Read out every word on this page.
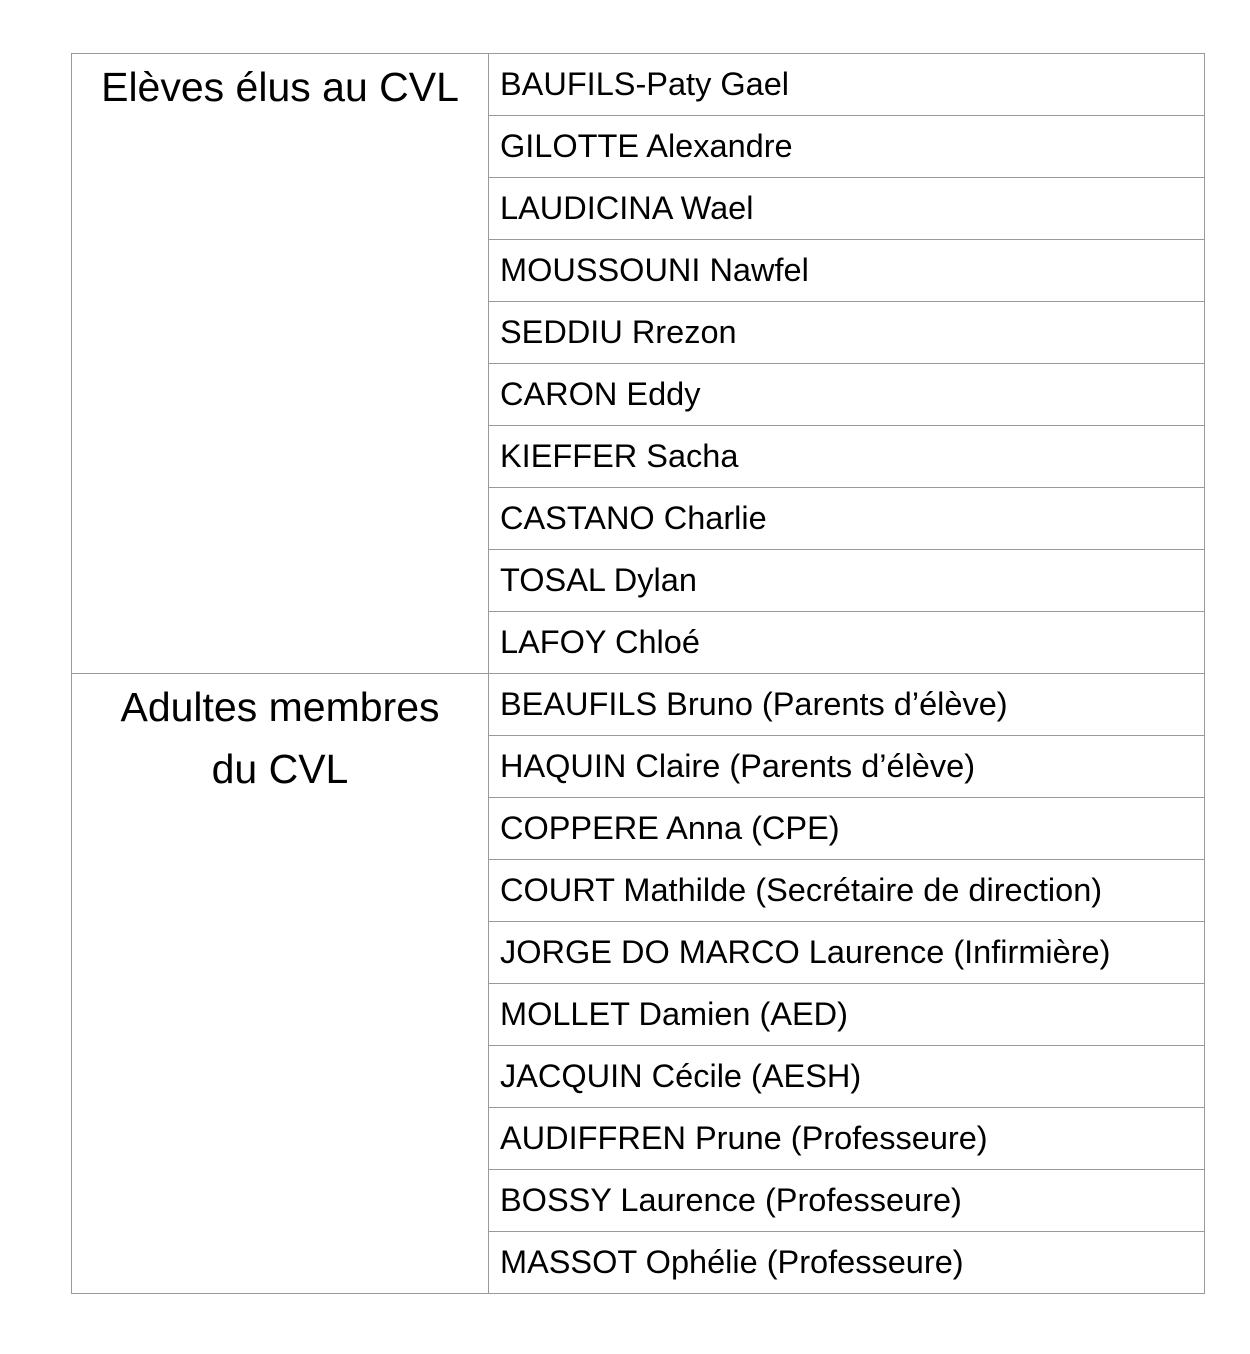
Elèves élus au CVL	BAUFILS-Paty Gael
	GILOTTE Alexandre
	LAUDICINA Wael
	MOUSSOUNI Nawfel
	SEDDIU Rrezon
	CARON Eddy
	KIEFFER Sacha
	CASTANO Charlie
	TOSAL Dylan
	LAFOY Chloé
Adultes membres du CVL	BEAUFILS Bruno (Parents d’élève)
	HAQUIN Claire (Parents d’élève)
	COPPERE Anna (CPE)
	COURT Mathilde (Secrétaire de direction)
	JORGE DO MARCO Laurence (Infirmière)
	MOLLET Damien (AED)
	JACQUIN Cécile (AESH)
	AUDIFFREN Prune (Professeure)
	BOSSY Laurence (Professeure)
	MASSOT Ophélie (Professeure)
